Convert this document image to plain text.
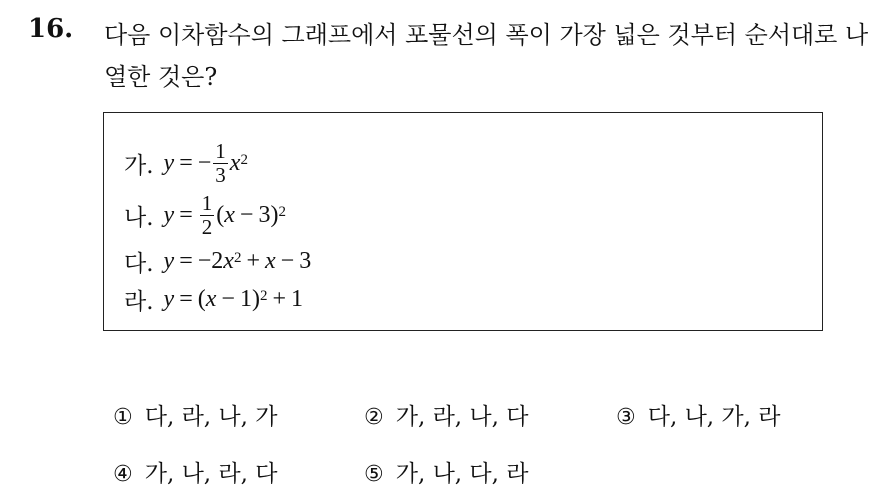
16. 다음 이차함수의 그래프에서 포물선의 폭이 가장 넓은 것부터 순서대로 나열한 것은?
가. y = − $\frac{1}{3} x^2$
나. $y = \frac{1}{2}$ ( x − 3 )$^2$
다. y = −2 $x^2 + x - 3$
라. y = ( x − 1 )$^2$ + 1
① 다, 라, 나, 가	② 가, 라, 나, 다	③ 다, 나, 가, 라
④ 가, 나, 라, 다	⑤ 가, 나, 다, 라
